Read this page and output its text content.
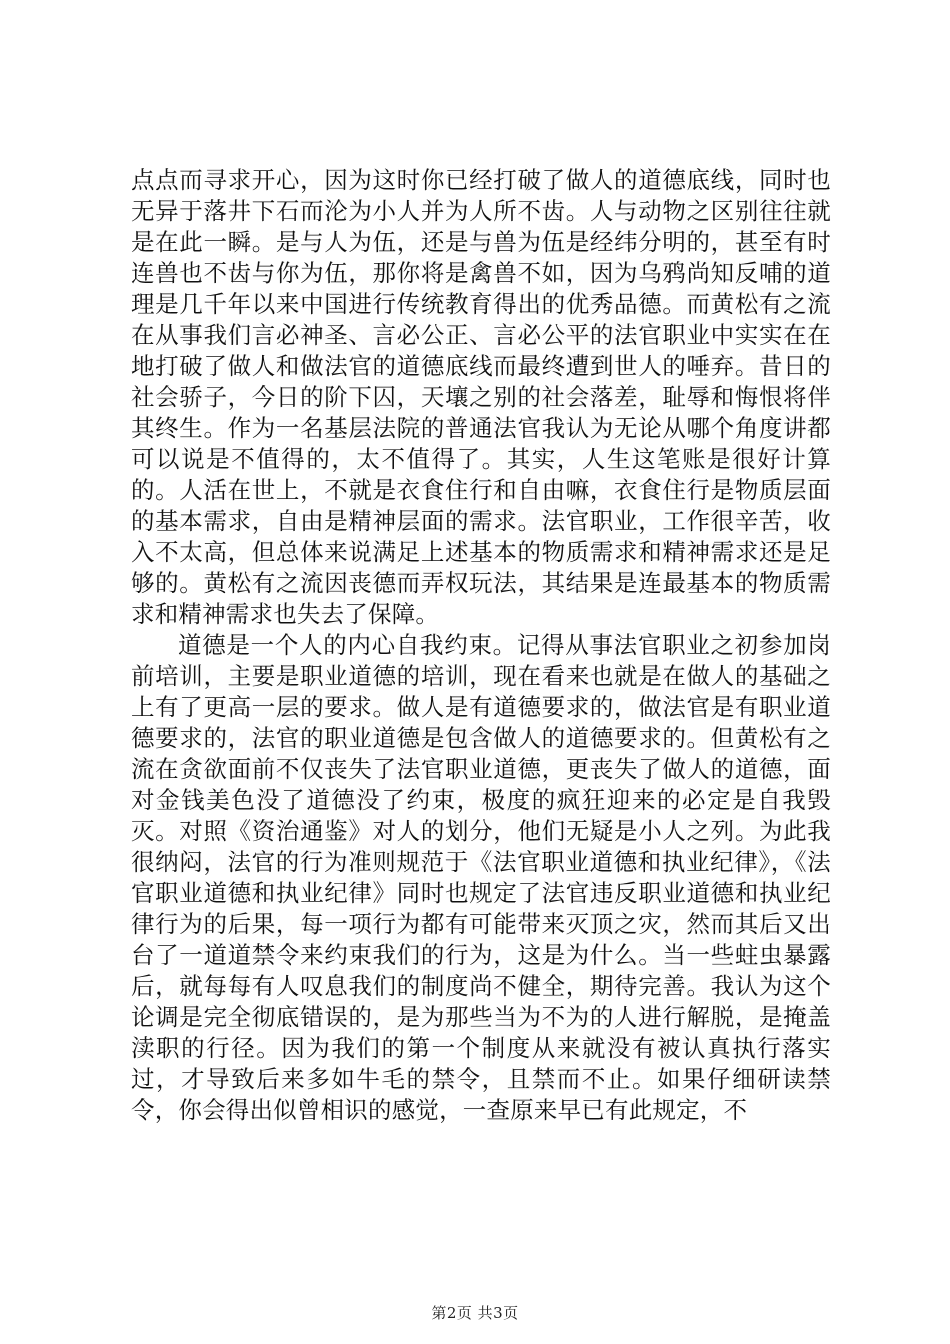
点点而寻求开心，因为这时你已经打破了做人的道德底线，同时也无异于落井下石而沦为小人并为人所不齿。人与动物之区别往往就是在此一瞬。是与人为伍，还是与兽为伍是经纬分明的，甚至有时连兽也不齿与你为伍，那你将是禽兽不如，因为乌鸦尚知反哺的道理是几千年以来中国进行传统教育得出的优秀品德。而黄松有之流在从事我们言必神圣、言必公正、言必公平的法官职业中实实在在地打破了做人和做法官的道德底线而最终遭到世人的唾弃。昔日的社会骄子，今日的阶下囚，天壤之别的社会落差，耻辱和悔恨将伴其终生。作为一名基层法院的普通法官我认为无论从哪个角度讲都可以说是不值得的，太不值得了。其实，人生这笔账是很好计算的。人活在世上，不就是衣食住行和自由嘛，衣食住行是物质层面的基本需求，自由是精神层面的需求。法官职业，工作很辛苦，收入不太高，但总体来说满足上述基本的物质需求和精神需求还是足够的。黄松有之流因丧德而弄权玩法，其结果是连最基本的物质需求和精神需求也失去了保障。

道德是一个人的内心自我约束。记得从事法官职业之初参加岗前培训，主要是职业道德的培训，现在看来也就是在做人的基础之上有了更高一层的要求。做人是有道德要求的，做法官是有职业道德要求的，法官的职业道德是包含做人的道德要求的。但黄松有之流在贪欲面前不仅丧失了法官职业道德，更丧失了做人的道德，面对金钱美色没了道德没了约束，极度的疯狂迎来的必定是自我毁灭。对照《资治通鉴》对人的划分，他们无疑是小人之列。为此我很纳闷，法官的行为准则规范于《法官职业道德和执业纪律》，《法官职业道德和执业纪律》同时也规定了法官违反职业道德和执业纪律行为的后果，每一项行为都有可能带来灭顶之灾，然而其后又出台了一道道禁令来约束我们的行为，这是为什么。当一些蛀虫暴露后，就每每有人叹息我们的制度尚不健全，期待完善。我认为这个论调是完全彻底错误的，是为那些当为不为的人进行解脱，是掩盖渎职的行径。因为我们的第一个制度从来就没有被认真执行落实过，才导致后来多如牛毛的禁令，且禁而不止。如果仔细研读禁令，你会得出似曾相识的感觉，一查原来早已有此规定，不

第2页 共3页
